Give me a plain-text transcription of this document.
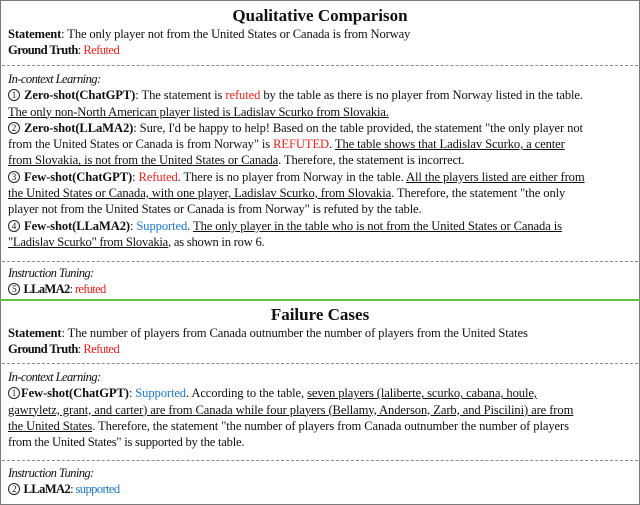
Qualitative Comparison
Statement: The only player not from the United States or Canada is from Norway
Ground Truth: Refuted
In-context Learning:
1 Zero-shot(ChatGPT): The statement is refuted by the table as there is no player from Norway listed in the table.
The only non-North American player listed is Ladislav Scurko from Slovakia.
2 Zero-shot(LLaMA2): Sure, I'd be happy to help! Based on the table provided, the statement "the only player not
from the United States or Canada is from Norway" is REFUTED. The table shows that Ladislav Scurko, a center
from Slovakia, is not from the United States or Canada. Therefore, the statement is incorrect.
3 Few-shot(ChatGPT): Refuted. There is no player from Norway in the table. All the players listed are either from
the United States or Canada, with one player, Ladislav Scurko, from Slovakia. Therefore, the statement "the only
player not from the United States or Canada is from Norway" is refuted by the table.
4 Few-shot(LLaMA2): Supported. The only player in the table who is not from the United States or Canada is
"Ladislav Scurko" from Slovakia, as shown in row 6.
Instruction Tuning:
5 LLaMA2: refuted
Failure Cases
Statement: The number of players from Canada outnumber the number of players from the United States
Ground Truth: Refuted
In-context Learning:
1 Few-shot(ChatGPT): Supported. According to the table, seven players (laliberte, scurko, cabana, houle,
gawryletz, grant, and carter) are from Canada while four players (Bellamy, Anderson, Zarb, and Piscilini) are from
the United States. Therefore, the statement "the number of players from Canada outnumber the number of players
from the United States" is supported by the table.
Instruction Tuning:
2 LLaMA2: supported
